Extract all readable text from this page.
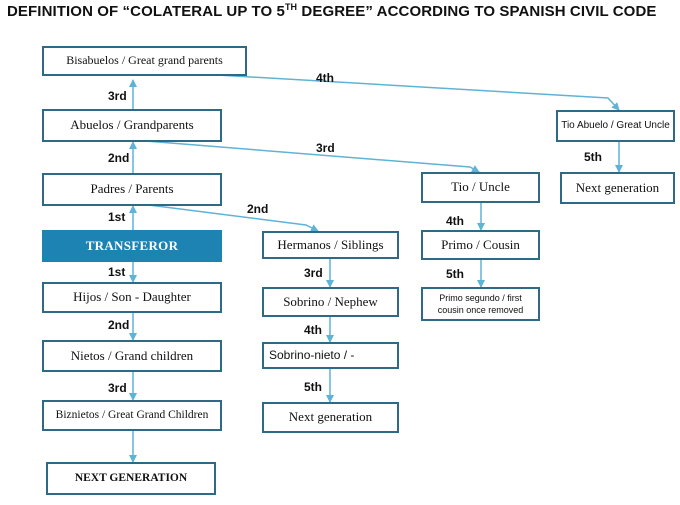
DEFINITION OF “COLATERAL UP TO 5TH DEGREE” ACCORDING TO SPANISH CIVIL CODE
Bisabuelos / Great grand parents
Abuelos / Grandparents
Padres / Parents
TRANSFEROR
Hijos / Son - Daughter
Nietos / Grand children
Biznietos / Great Grand Children
NEXT GENERATION
Hermanos / Siblings
Sobrino / Nephew
Sobrino-nieto / -
Next generation
Tio / Uncle
Primo / Cousin
Primo segundo / first cousin once removed
Tio Abuelo / Great Uncle
Next generation
3rd
4th
2nd
3rd
1st
2nd
1st
2nd
3rd
3rd
4th
5th
4th
5th
5th
